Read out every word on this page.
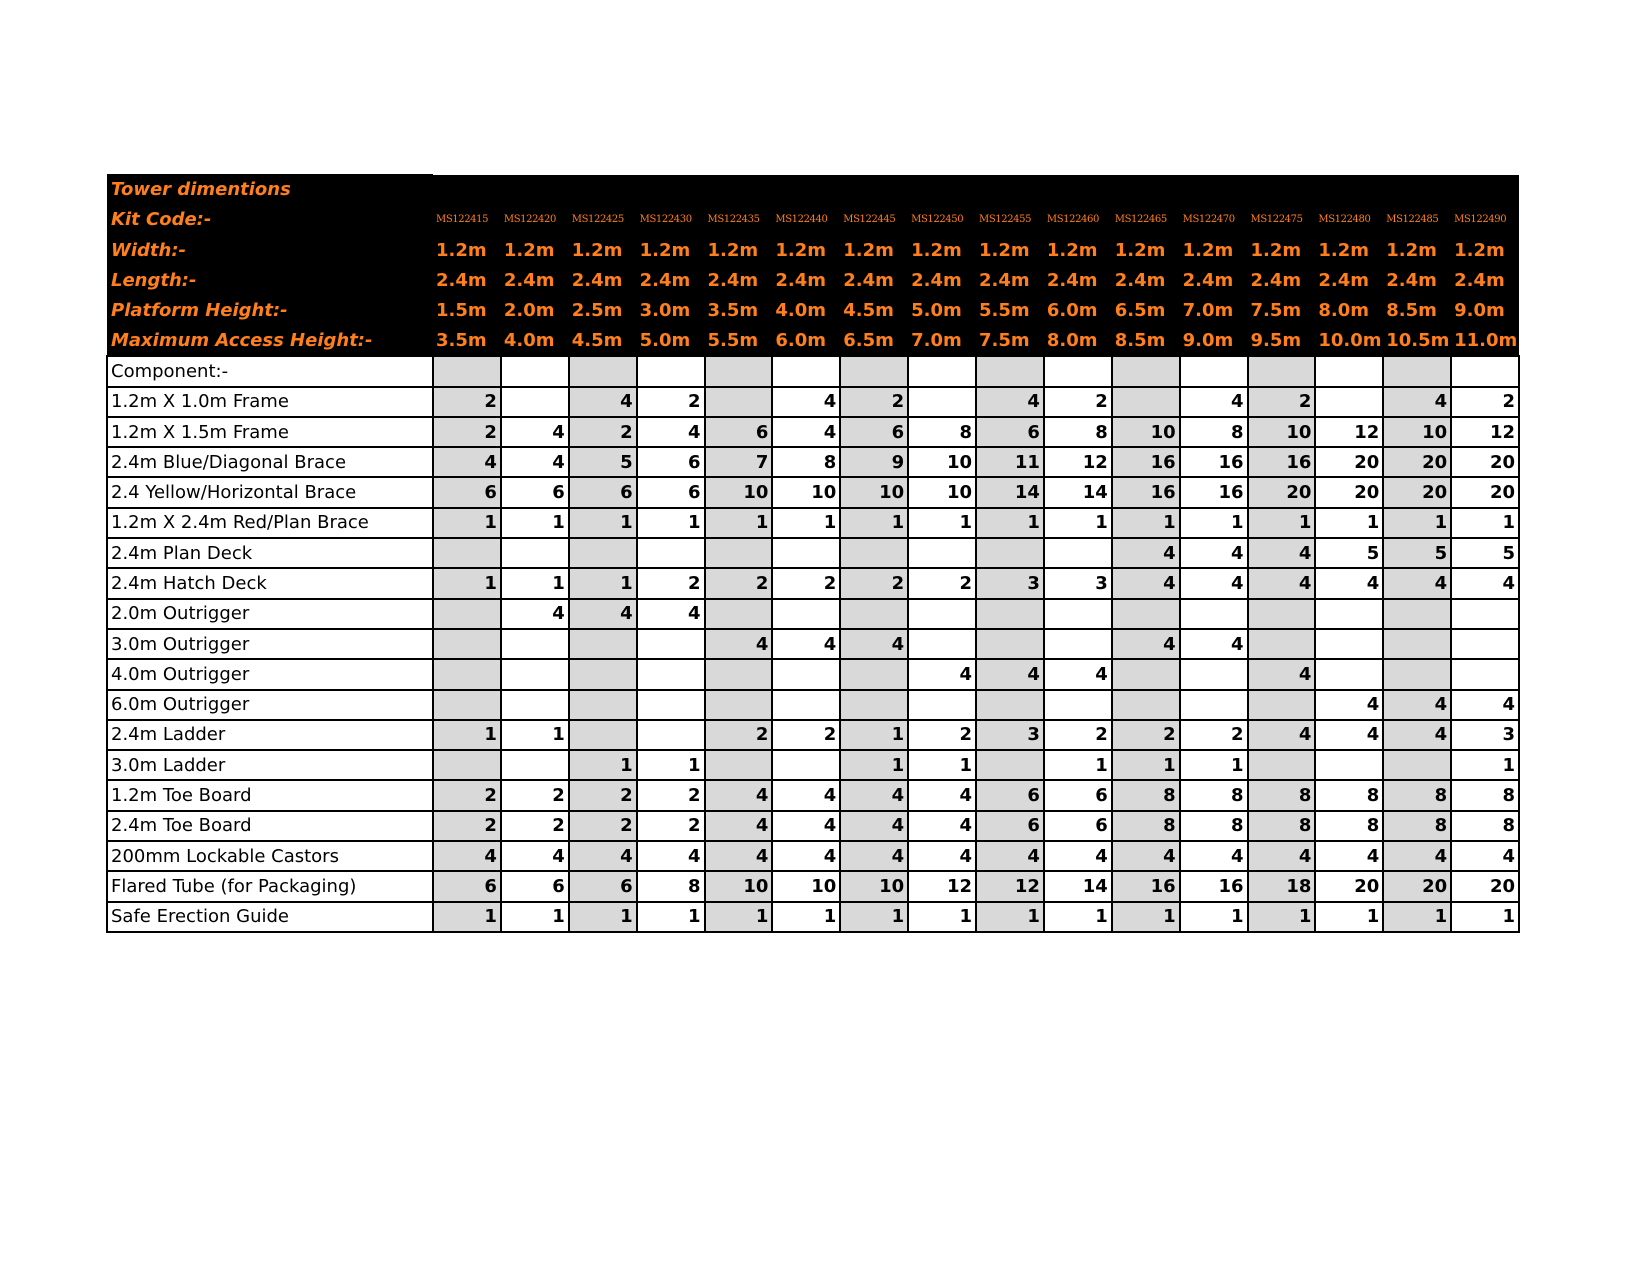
Tower dimentions																
Kit Code:-	MS122415	MS122420	MS122425	MS122430	MS122435	MS122440	MS122445	MS122450	MS122455	MS122460	MS122465	MS122470	MS122475	MS122480	MS122485	MS122490
Width:-	1.2m	1.2m	1.2m	1.2m	1.2m	1.2m	1.2m	1.2m	1.2m	1.2m	1.2m	1.2m	1.2m	1.2m	1.2m	1.2m
Length:-	2.4m	2.4m	2.4m	2.4m	2.4m	2.4m	2.4m	2.4m	2.4m	2.4m	2.4m	2.4m	2.4m	2.4m	2.4m	2.4m
Platform Height:-	1.5m	2.0m	2.5m	3.0m	3.5m	4.0m	4.5m	5.0m	5.5m	6.0m	6.5m	7.0m	7.5m	8.0m	8.5m	9.0m
Maximum Access Height:-	3.5m	4.0m	4.5m	5.0m	5.5m	6.0m	6.5m	7.0m	7.5m	8.0m	8.5m	9.0m	9.5m	10.0m	10.5m	11.0m
Component:-																
1.2m X 1.0m Frame	2		4	2		4	2		4	2		4	2		4	2
1.2m X 1.5m Frame	2	4	2	4	6	4	6	8	6	8	10	8	10	12	10	12
2.4m Blue/Diagonal Brace	4	4	5	6	7	8	9	10	11	12	16	16	16	20	20	20
2.4 Yellow/Horizontal Brace	6	6	6	6	10	10	10	10	14	14	16	16	20	20	20	20
1.2m X 2.4m Red/Plan Brace	1	1	1	1	1	1	1	1	1	1	1	1	1	1	1	1
2.4m Plan Deck											4	4	4	5	5	5
2.4m Hatch Deck	1	1	1	2	2	2	2	2	3	3	4	4	4	4	4	4
2.0m Outrigger		4	4	4												
3.0m Outrigger					4	4	4				4	4				
4.0m Outrigger								4	4	4			4			
6.0m Outrigger														4	4	4
2.4m Ladder	1	1			2	2	1	2	3	2	2	2	4	4	4	3
3.0m Ladder			1	1			1	1		1	1	1				1
1.2m Toe Board	2	2	2	2	4	4	4	4	6	6	8	8	8	8	8	8
2.4m Toe Board	2	2	2	2	4	4	4	4	6	6	8	8	8	8	8	8
200mm Lockable Castors	4	4	4	4	4	4	4	4	4	4	4	4	4	4	4	4
Flared Tube (for Packaging)	6	6	6	8	10	10	10	12	12	14	16	16	18	20	20	20
Safe Erection Guide	1	1	1	1	1	1	1	1	1	1	1	1	1	1	1	1
